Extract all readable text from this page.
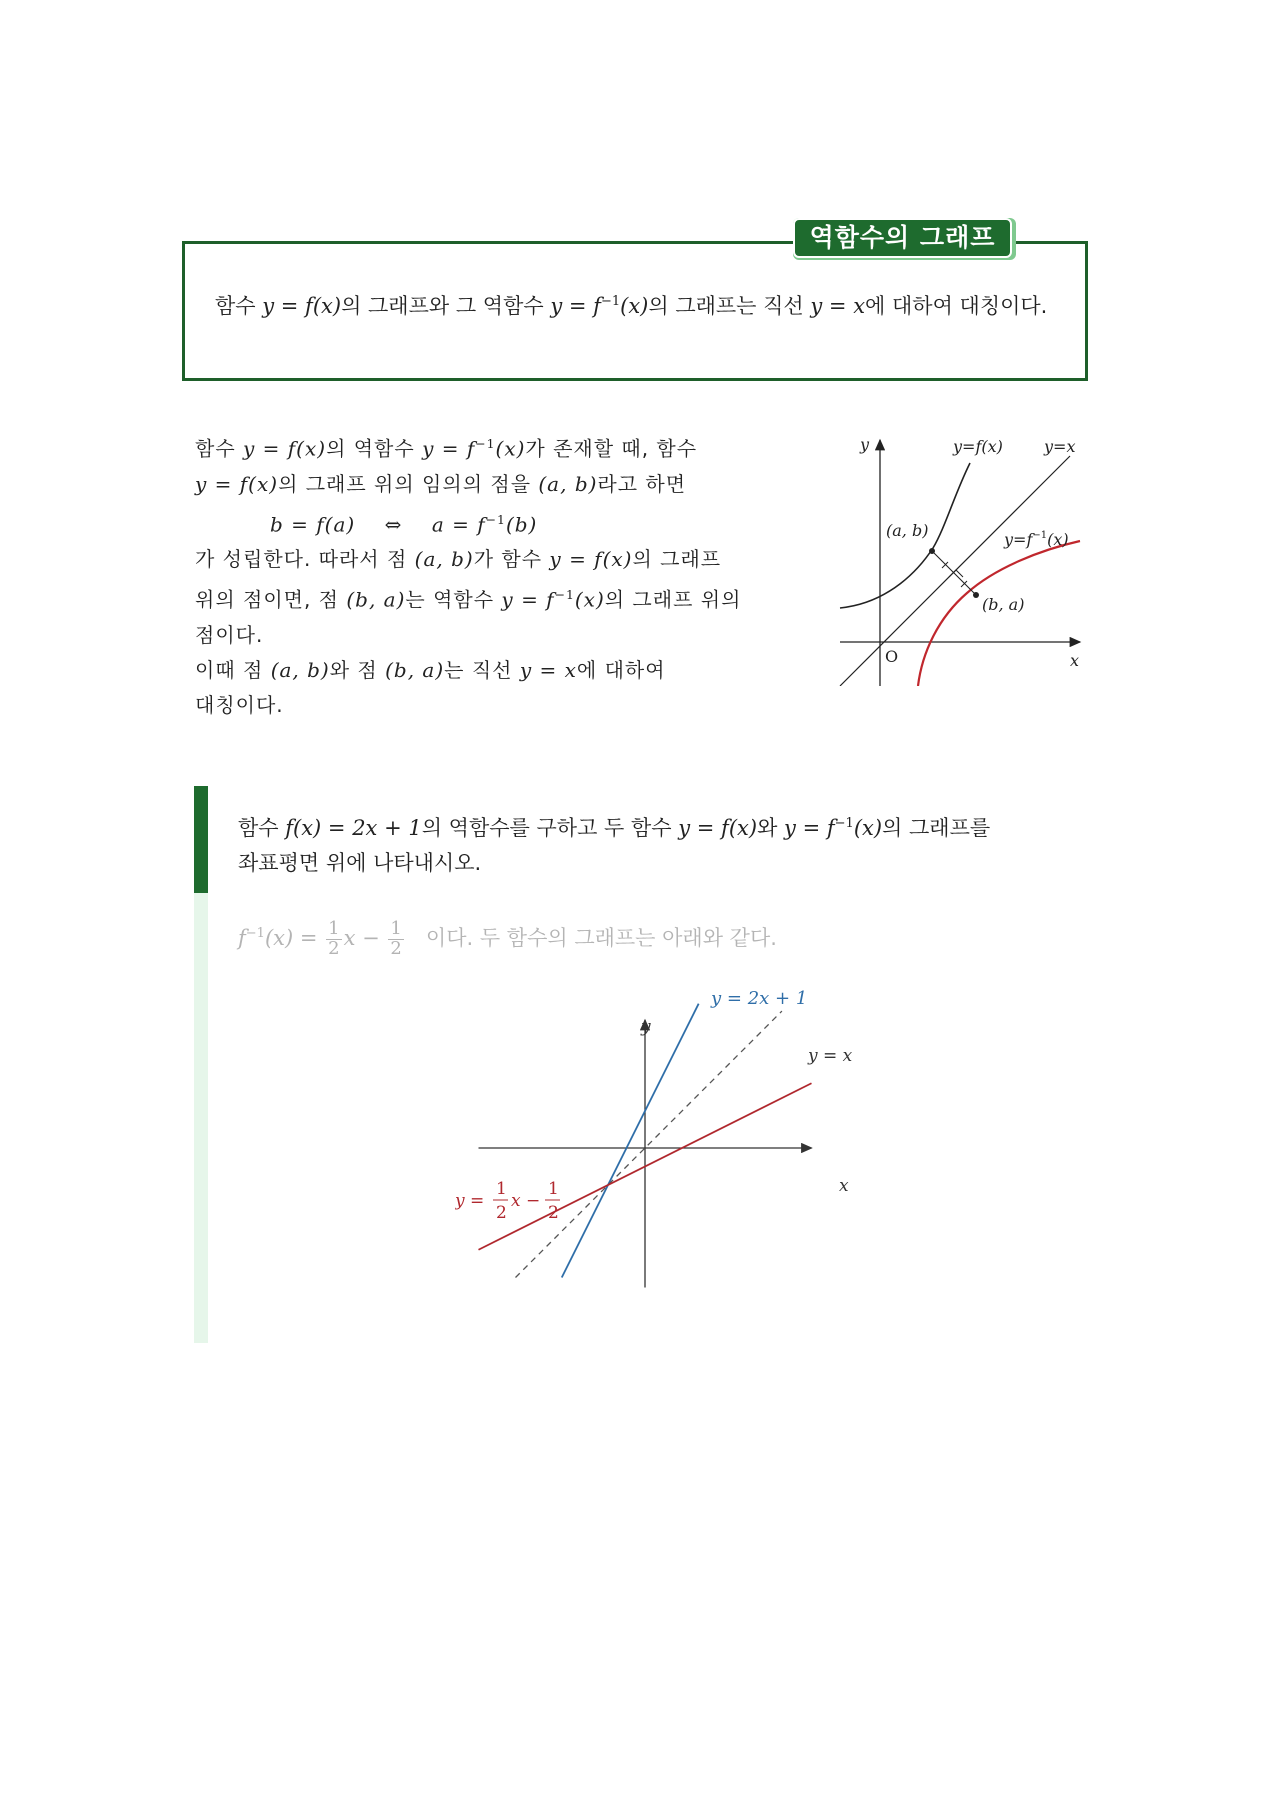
함수 y = f(x)의 그래프와 그 역함수 $y = f^{-1}(x)$의 그래프는 직선 y = x에 대하여 대칭이다.
역함수의 그래프
함수 y = f(x)의 역함수 $y = f^{-1}(x)$가 존재할 때, 함수
y = f(x)의 그래프 위의 임의의 점을 (a, b)라고 하면
b = f(a) ⇔ $a = f^{-1}(b)$
가 성립한다. 따라서 점 (a, b)가 함수 y = f(x)의 그래프
위의 점이면, 점 (b, a)는 역함수 $y = f^{-1}(x)$의 그래프 위의
점이다.
이때 점 (a, b)와 점 (b, a)는 직선 y = x에 대하여
대칭이다.
y
x
O
y=f(x)	y=x
$y=f^{-1}(x)$
(a, b)
(b, a)
함수 f(x) = 2x + 1의 역함수를 구하고 두 함수 y = f(x)와 $y = f^{-1}(x)$의 그래프를
좌표평면 위에 나타내시오.
$f^{-1}(x) = \frac{1}{2}$ $x - \frac{1}{2}$ 이다. 두 함수의 그래프는 아래와 같다.
x
y
y = 2x + 1
y = x
y =
1
2
x −
1
2
